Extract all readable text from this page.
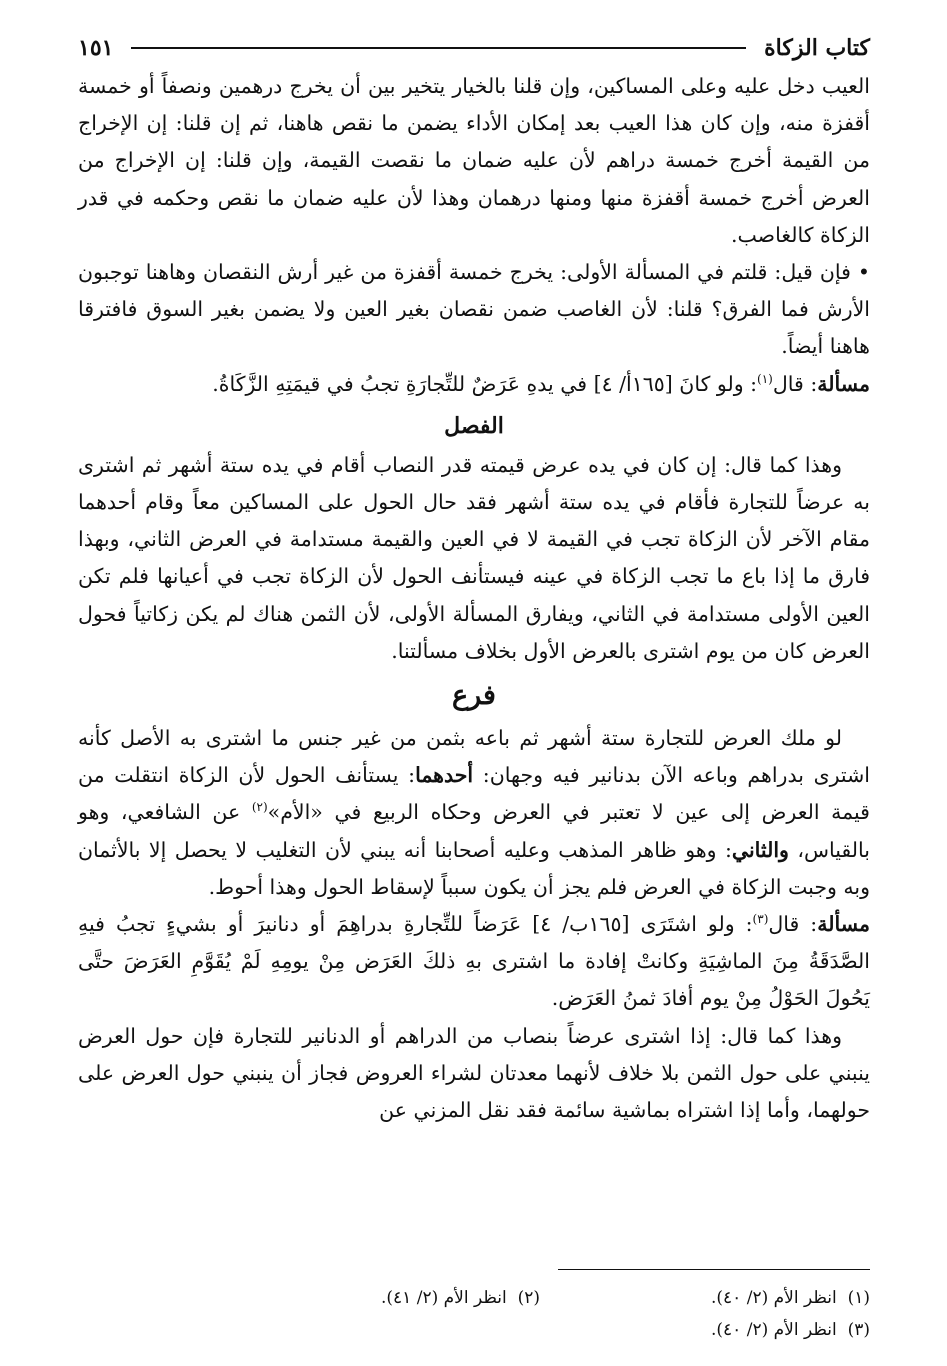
كتاب الزكاة
١٥١

العيب دخل عليه وعلى المساكين، وإن قلنا بالخيار يتخير بين أن يخرج درهمين ونصفاً أو خمسة أقفزة منه، وإن كان هذا العيب بعد إمكان الأداء يضمن ما نقص هاهنا، ثم إن قلنا: إن الإخراج من القيمة أخرج خمسة دراهم لأن عليه ضمان ما نقصت القيمة، وإن قلنا: إن الإخراج من العرض أخرج خمسة أقفزة منها ومنها درهمان وهذا لأن عليه ضمان ما نقص وحكمه في قدر الزكاة كالغاصب.

• فإن قيل: قلتم في المسألة الأولى: يخرج خمسة أقفزة من غير أرش النقصان وهاهنا توجبون الأرش فما الفرق؟ قلنا: لأن الغاصب ضمن نقصان بغير العين ولا يضمن بغير السوق فافترقا هاهنا أيضاً.

مسألة: قال$^{(١)}$: ولو كانَ [١٦٥أ/ ٤] في يدهِ عَرَضٌ للتِّجارَةِ تجبُ في قيمَتِهِ الزَّكَاةُ.

الفصل

وهذا كما قال: إن كان في يده عرض قيمته قدر النصاب أقام في يده ستة أشهر ثم اشترى به عرضاً للتجارة فأقام في يده ستة أشهر فقد حال الحول على المساكين معاً وقام أحدهما مقام الآخر لأن الزكاة تجب في القيمة لا في العين والقيمة مستدامة في العرض الثاني، وبهذا فارق ما إذا باع ما تجب الزكاة في عينه فيستأنف الحول لأن الزكاة تجب في أعيانها فلم تكن العين الأولى مستدامة في الثاني، ويفارق المسألة الأولى، لأن الثمن هناك لم يكن زكاتياً فحول العرض كان من يوم اشترى بالعرض الأول بخلاف مسألتنا.

فرع

لو ملك العرض للتجارة ستة أشهر ثم باعه بثمن من غير جنس ما اشترى به الأصل كأنه اشترى بدراهم وباعه الآن بدنانير فيه وجهان: أحدهما: يستأنف الحول لأن الزكاة انتقلت من قيمة العرض إلى عين لا تعتبر في العرض وحكاه الربيع في «الأم»$^{(٢)}$ عن الشافعي، وهو بالقياس، والثاني: وهو ظاهر المذهب وعليه أصحابنا أنه يبني لأن التغليب لا يحصل إلا بالأثمان وبه وجبت الزكاة في العرض فلم يجز أن يكون سبباً لإسقاط الحول وهذا أحوط.

مسألة: قال$^{(٣)}$: ولو اشتَرَى [١٦٥ب/ ٤] عَرَضاً للتِّجارةِ بدراهِمَ أو دنانيرَ أو بشيءٍ تجبُ فيهِ الصَّدَقَةُ مِنَ الماشِيَةِ وكانتْ إفادة ما اشترى بهِ ذلكَ العَرَض مِنْ يومِهِ لَمْ يُقَوَّمِ العَرَضَ حتَّى يَحُولَ الحَوْلُ مِنْ يوم أفادَ ثمنُ العَرَض.

وهذا كما قال: إذا اشترى عرضاً بنصاب من الدراهم أو الدنانير للتجارة فإن حول العرض ينبني على حول الثمن بلا خلاف لأنهما معدتان لشراء العروض فجاز أن ينبني حول العرض على حولهما، وأما إذا اشتراه بماشية سائمة فقد نقل المزني عن

(١)  انظر الأم (٢/ ٤٠).
(٢)  انظر الأم (٢/ ٤١).
(٣)  انظر الأم (٢/ ٤٠).
